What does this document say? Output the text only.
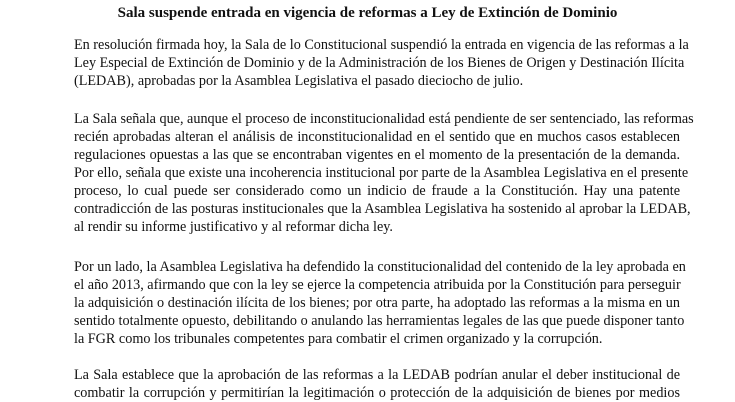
Sala suspende entrada en vigencia de reformas a Ley de Extinción de Dominio

En resolución firmada hoy, la Sala de lo Constitucional suspendió la entrada en vigencia de las reformas a la
Ley Especial de Extinción de Dominio y de la Administración de los Bienes de Origen y Destinación Ilícita
(LEDAB), aprobadas por la Asamblea Legislativa el pasado dieciocho de julio.

La Sala señala que, aunque el proceso de inconstitucionalidad está pendiente de ser sentenciado, las reformas
recién aprobadas alteran el análisis de inconstitucionalidad en el sentido que en muchos casos establecen
regulaciones opuestas a las que se encontraban vigentes en el momento de la presentación de la demanda.
Por ello, señala que existe una incoherencia institucional por parte de la Asamblea Legislativa en el presente
proceso, lo cual puede ser considerado como un indicio de fraude a la Constitución. Hay una patente
contradicción de las posturas institucionales que la Asamblea Legislativa ha sostenido al aprobar la LEDAB,
al rendir su informe justificativo y al reformar dicha ley.

Por un lado, la Asamblea Legislativa ha defendido la constitucionalidad del contenido de la ley aprobada en
el año 2013, afirmando que con la ley se ejerce la competencia atribuida por la Constitución para perseguir
la adquisición o destinación ilícita de los bienes; por otra parte, ha adoptado las reformas a la misma en un
sentido totalmente opuesto, debilitando o anulando las herramientas legales de las que puede disponer tanto
la FGR como los tribunales competentes para combatir el crimen organizado y la corrupción.

La Sala establece que la aprobación de las reformas a la LEDAB podrían anular el deber institucional de
combatir la corrupción y permitirían la legitimación o protección de la adquisición de bienes por medios
